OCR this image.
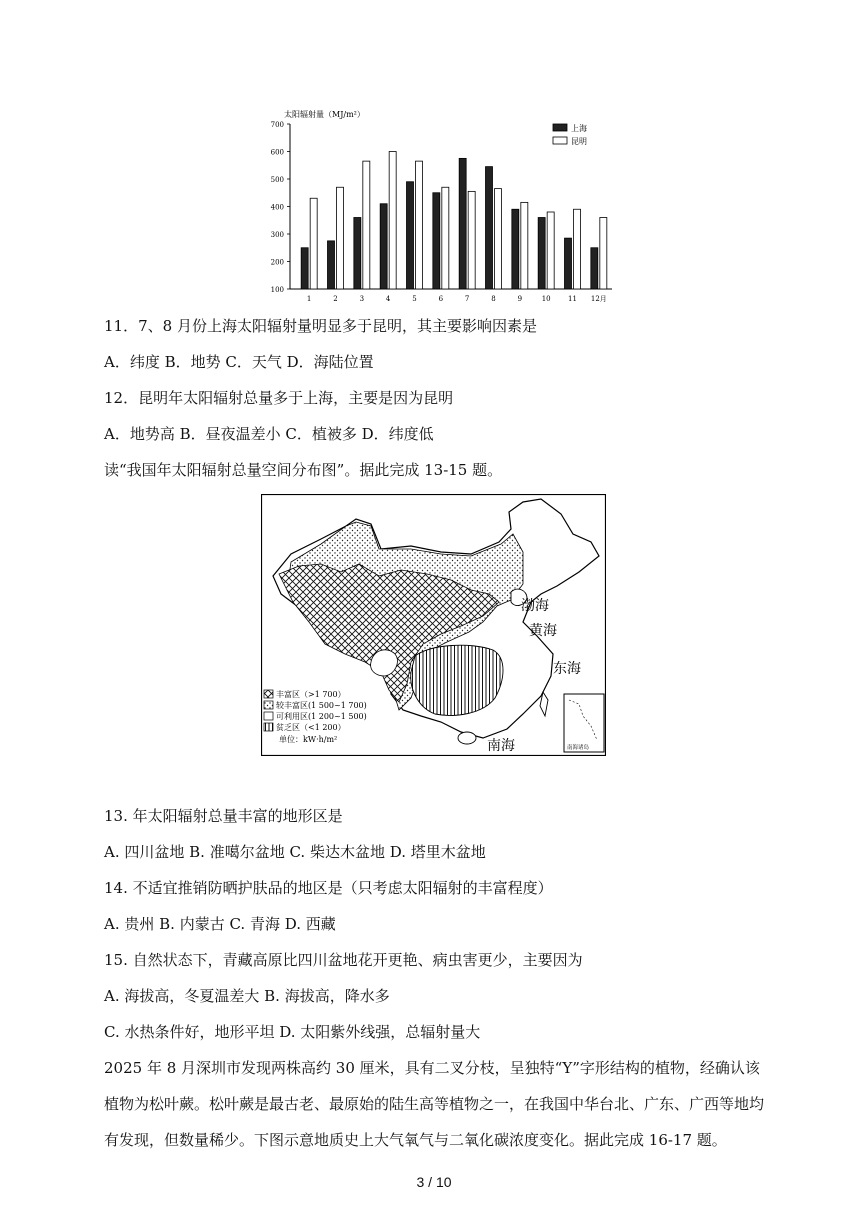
太阳辐射量（MJ/m²）
700
600
500
400
300
200
100
1	2	3	4	5	6	7	8	9	10 11 12月
上海
昆明
11．7、8 月份上海太阳辐射量明显多于昆明，其主要影响因素是
A．纬度 B．地势 C．天气 D．海陆位置
12．昆明年太阳辐射总量多于上海，主要是因为昆明
A．地势高 B．昼夜温差小 C．植被多 D．纬度低
读“我国年太阳辐射总量空间分布图”。据此完成 13-15 题。
渤海
黄海
东海
南海	南海诸岛
丰富区（>1 700）
较丰富区(1 500~1 700)
可利用区(1 200~1 500)
贫乏区（<1 200）
单位：kW·h/m²
13. 年太阳辐射总量丰富的地形区是
A. 四川盆地 B. 准噶尔盆地 C. 柴达木盆地 D. 塔里木盆地
14. 不适宜推销防晒护肤品的地区是（只考虑太阳辐射的丰富程度）
A. 贵州 B. 内蒙古 C. 青海 D. 西藏
15. 自然状态下，青藏高原比四川盆地花开更艳、病虫害更少，主要因为
A. 海拔高，冬夏温差大 B. 海拔高，降水多
C. 水热条件好，地形平坦 D. 太阳紫外线强，总辐射量大
2025 年 8 月深圳市发现两株高约 30 厘米，具有二叉分枝，呈独特“Y”字形结构的植物，经确认该植物为松叶蕨。松叶蕨是最古老、最原始的陆生高等植物之一，在我国中华台北、广东、广西等地均有发现，但数量稀少。下图示意地质史上大气氧气与二氧化碳浓度变化。据此完成 16-17 题。
3 / 10
